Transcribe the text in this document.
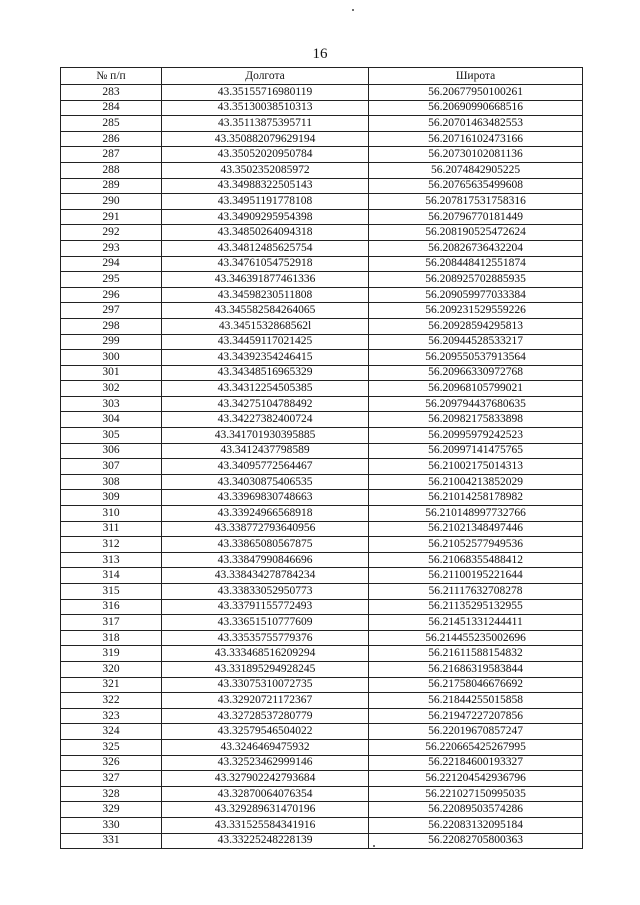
16
№ п/п	Долгота	Широта
283	43.35155716980119	56.20677950100261
284	43.35130038510313	56.20690990668516
285	43.35113875395711	56.20701463482553
286	43.350882079629194	56.20716102473166
287	43.35052020950784	56.20730102081136
288	43.3502352085972	56.2074842905225
289	43.34988322505143	56.20765635499608
290	43.34951191778108	56.207817531758316
291	43.34909295954398	56.20796770181449
292	43.34850264094318	56.208190525472624
293	43.34812485625754	56.20826736432204
294	43.34761054752918	56.208448412551874
295	43.346391877461336	56.208925702885935
296	43.34598230511808	56.209059977033384
297	43.345582584264065	56.209231529559226
298	43.3451532868562l	56.20928594295813
299	43.34459117021425	56.20944528533217
300	43.34392354246415	56.209550537913564
301	43.34348516965329	56.20966330972768
302	43.34312254505385	56.20968105799021
303	43.34275104788492	56.209794437680635
304	43.34227382400724	56.20982175833898
305	43.341701930395885	56.20995979242523
306	43.3412437798589	56.20997141475765
307	43.34095772564467	56.21002175014313
308	43.34030875406535	56.21004213852029
309	43.33969830748663	56.21014258178982
310	43.33924966568918	56.210148997732766
311	43.338772793640956	56.21021348497446
312	43.33865080567875	56.21052577949536
313	43.33847990846696	56.21068355488412
314	43.338434278784234	56.21100195221644
315	43.33833052950773	56.21117632708278
316	43.33791155772493	56.21135295132955
317	43.33651510777609	56.21451331244411
318	43.33535755779376	56.214455235002696
319	43.333468516209294	56.21611588154832
320	43.331895294928245	56.21686319583844
321	43.33075310072735	56.21758046676692
322	43.32920721172367	56.21844255015858
323	43.32728537280779	56.21947227207856
324	43.32579546504022	56.22019670857247
325	43.3246469475932	56.220665425267995
326	43.32523462999146	56.22184600193327
327	43.327902242793684	56.221204542936796
328	43.32870064076354	56.221027150995035
329	43.329289631470196	56.22089503574286
330	43.331525584341916	56.22083132095184
331	43.33225248228139	56.22082705800363
